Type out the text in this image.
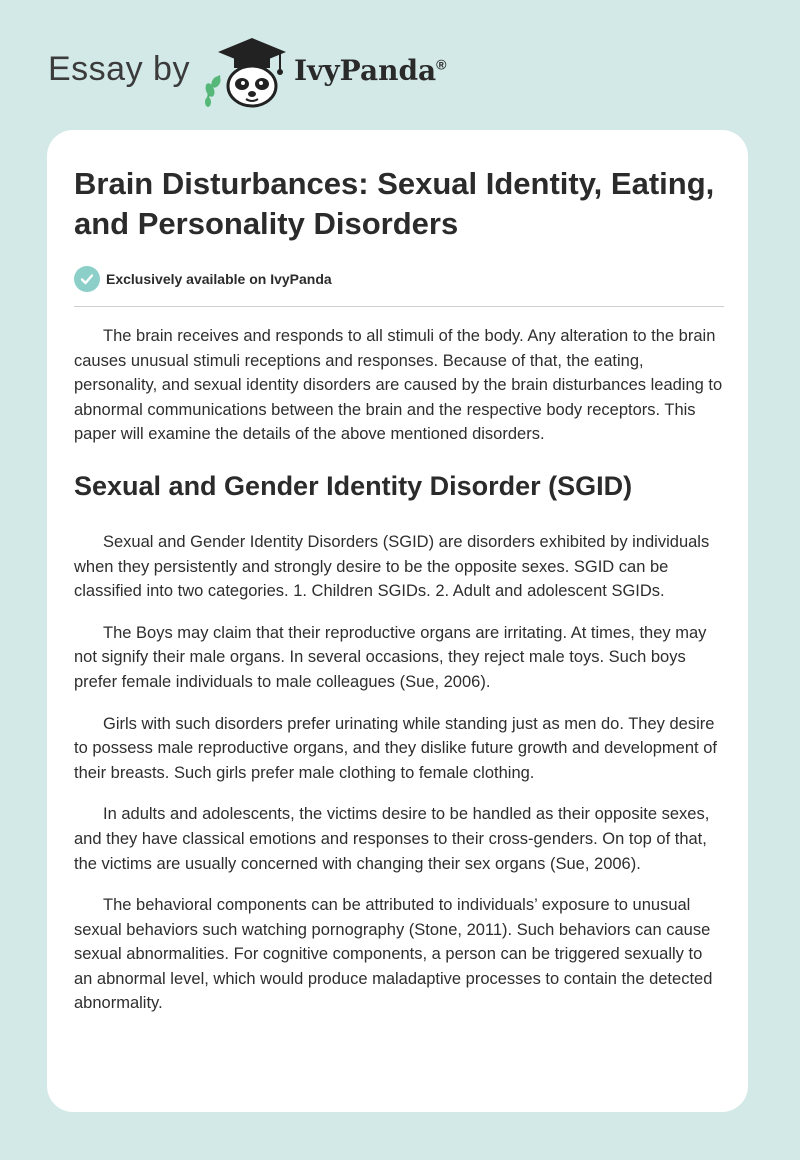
Essay by	IvyPanda®
Brain Disturbances: Sexual Identity, Eating, and Personality Disorders
Exclusively available on IvyPanda

The brain receives and responds to all stimuli of the body. Any alteration to the brain causes unusual stimuli receptions and responses. Because of that, the eating, personality, and sexual identity disorders are caused by the brain disturbances leading to abnormal communications between the brain and the respective body receptors. This paper will examine the details of the above mentioned disorders.

Sexual and Gender Identity Disorder (SGID)

Sexual and Gender Identity Disorders (SGID) are disorders exhibited by individuals when they persistently and strongly desire to be the opposite sexes. SGID can be classified into two categories. 1. Children SGIDs. 2. Adult and adolescent SGIDs.

The Boys may claim that their reproductive organs are irritating. At times, they may not signify their male organs. In several occasions, they reject male toys. Such boys prefer female individuals to male colleagues (Sue, 2006).

Girls with such disorders prefer urinating while standing just as men do. They desire to possess male reproductive organs, and they dislike future growth and development of their breasts. Such girls prefer male clothing to female clothing.

In adults and adolescents, the victims desire to be handled as their opposite sexes, and they have classical emotions and responses to their cross-genders. On top of that, the victims are usually concerned with changing their sex organs (Sue, 2006).

The behavioral components can be attributed to individuals’ exposure to unusual sexual behaviors such watching pornography (Stone, 2011). Such behaviors can cause sexual abnormalities. For cognitive components, a person can be triggered sexually to an abnormal level, which would produce maladaptive processes to contain the detected abnormality.
